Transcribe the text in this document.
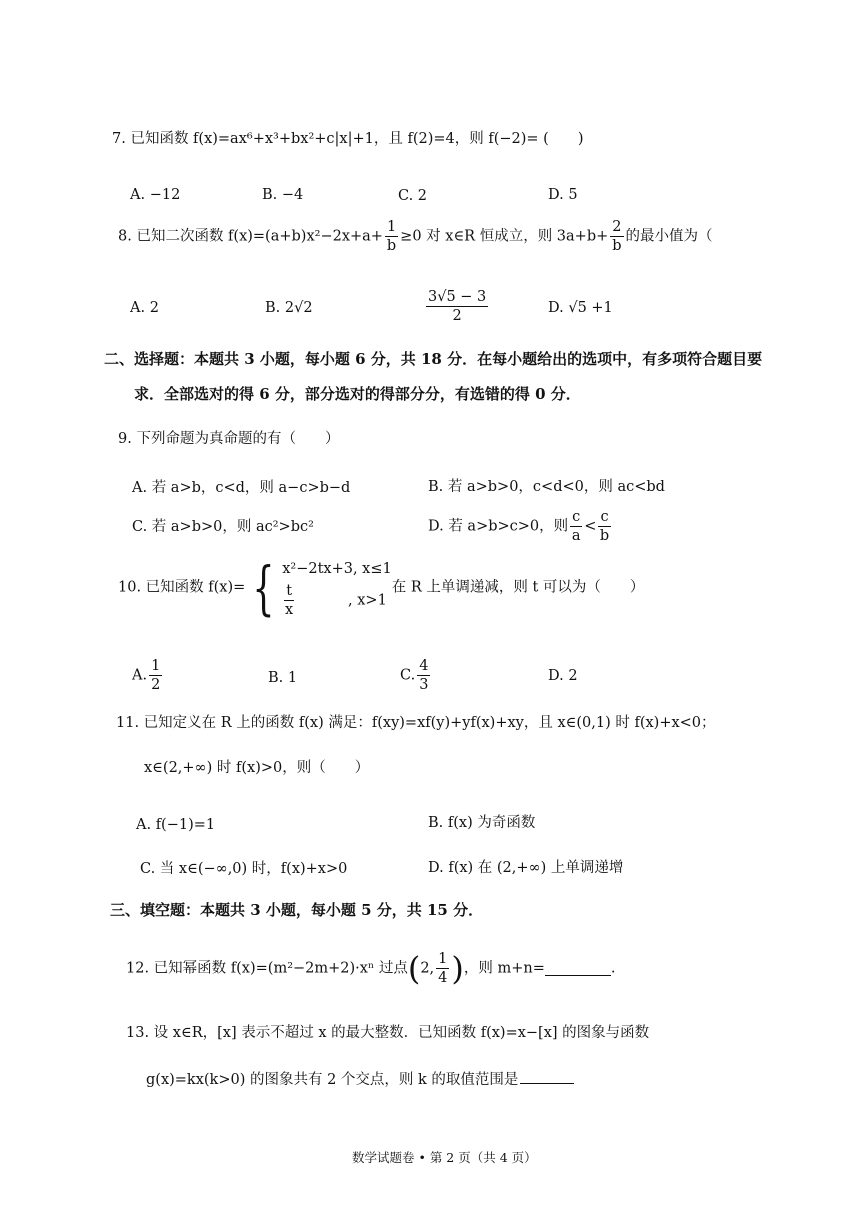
7. 已知函数 f(x)=ax⁶+x³+bx²+c|x|+1，且 f(2)=4，则 f(−2)= (　　)
A. −12	B. −4	C. 2	D. 5
8. 已知二次函数 $f(x)=(a+b)x^2-2x+a+ \frac{1}{b} \ge 0$ 对 x∈R 恒成立，则 $3a+b+ \frac{2}{b}$ 的最小值为（
A. 2	B. 2√2	$\frac{3√5 - 3}{2}$	D. √5 +1
二、选择题：本题共 3 小题，每小题 6 分，共 18 分．在每小题给出的选项中，有多项符合题目要
求．全部选对的得 6 分，部分选对的得部分分，有选错的得 0 分．
9. 下列命题为真命题的有（　　）
A. 若 a>b，c<d，则 a−c>b−d	B. 若 a>b>0，c<d<0，则 ac<bd
C. 若 a>b>0，则 ac²>bc²	D. 若 a>b>c>0，则 $\frac{c}{a} < \frac{c}{b}$
10. 已知函数 f(x)= { x²−2tx+3, x≤1
$\frac{t}{x}$	, x>1
在 R 上单调递减，则 t 可以为（　　）
A. $\frac{1}{2}$	B. 1	C. $\frac{4}{3}$	D. 2
11. 已知定义在 R 上的函数 f(x) 满足：f(xy)=xf(y)+yf(x)+xy，且 x∈(0,1) 时 f(x)+x<0；
x∈(2,+∞) 时 f(x)>0，则（　　）
A. f(−1)=1	B. f(x) 为奇函数
C. 当 x∈(−∞,0) 时，f(x)+x>0	D. f(x) 在 (2,+∞) 上单调递增
三、填空题：本题共 3 小题，每小题 5 分，共 15 分．
12. 已知幂函数 f(x)=(m²−2m+2)·xⁿ 过点(2, $\frac{1}{4}$ )，则 m+n=	.
13. 设 x∈R，[x] 表示不超过 x 的最大整数．已知函数 f(x)=x−[x] 的图象与函数
g(x)=kx(k>0) 的图象共有 2 个交点，则 k 的取值范围是
数学试题卷 • 第 2 页（共 4 页）
